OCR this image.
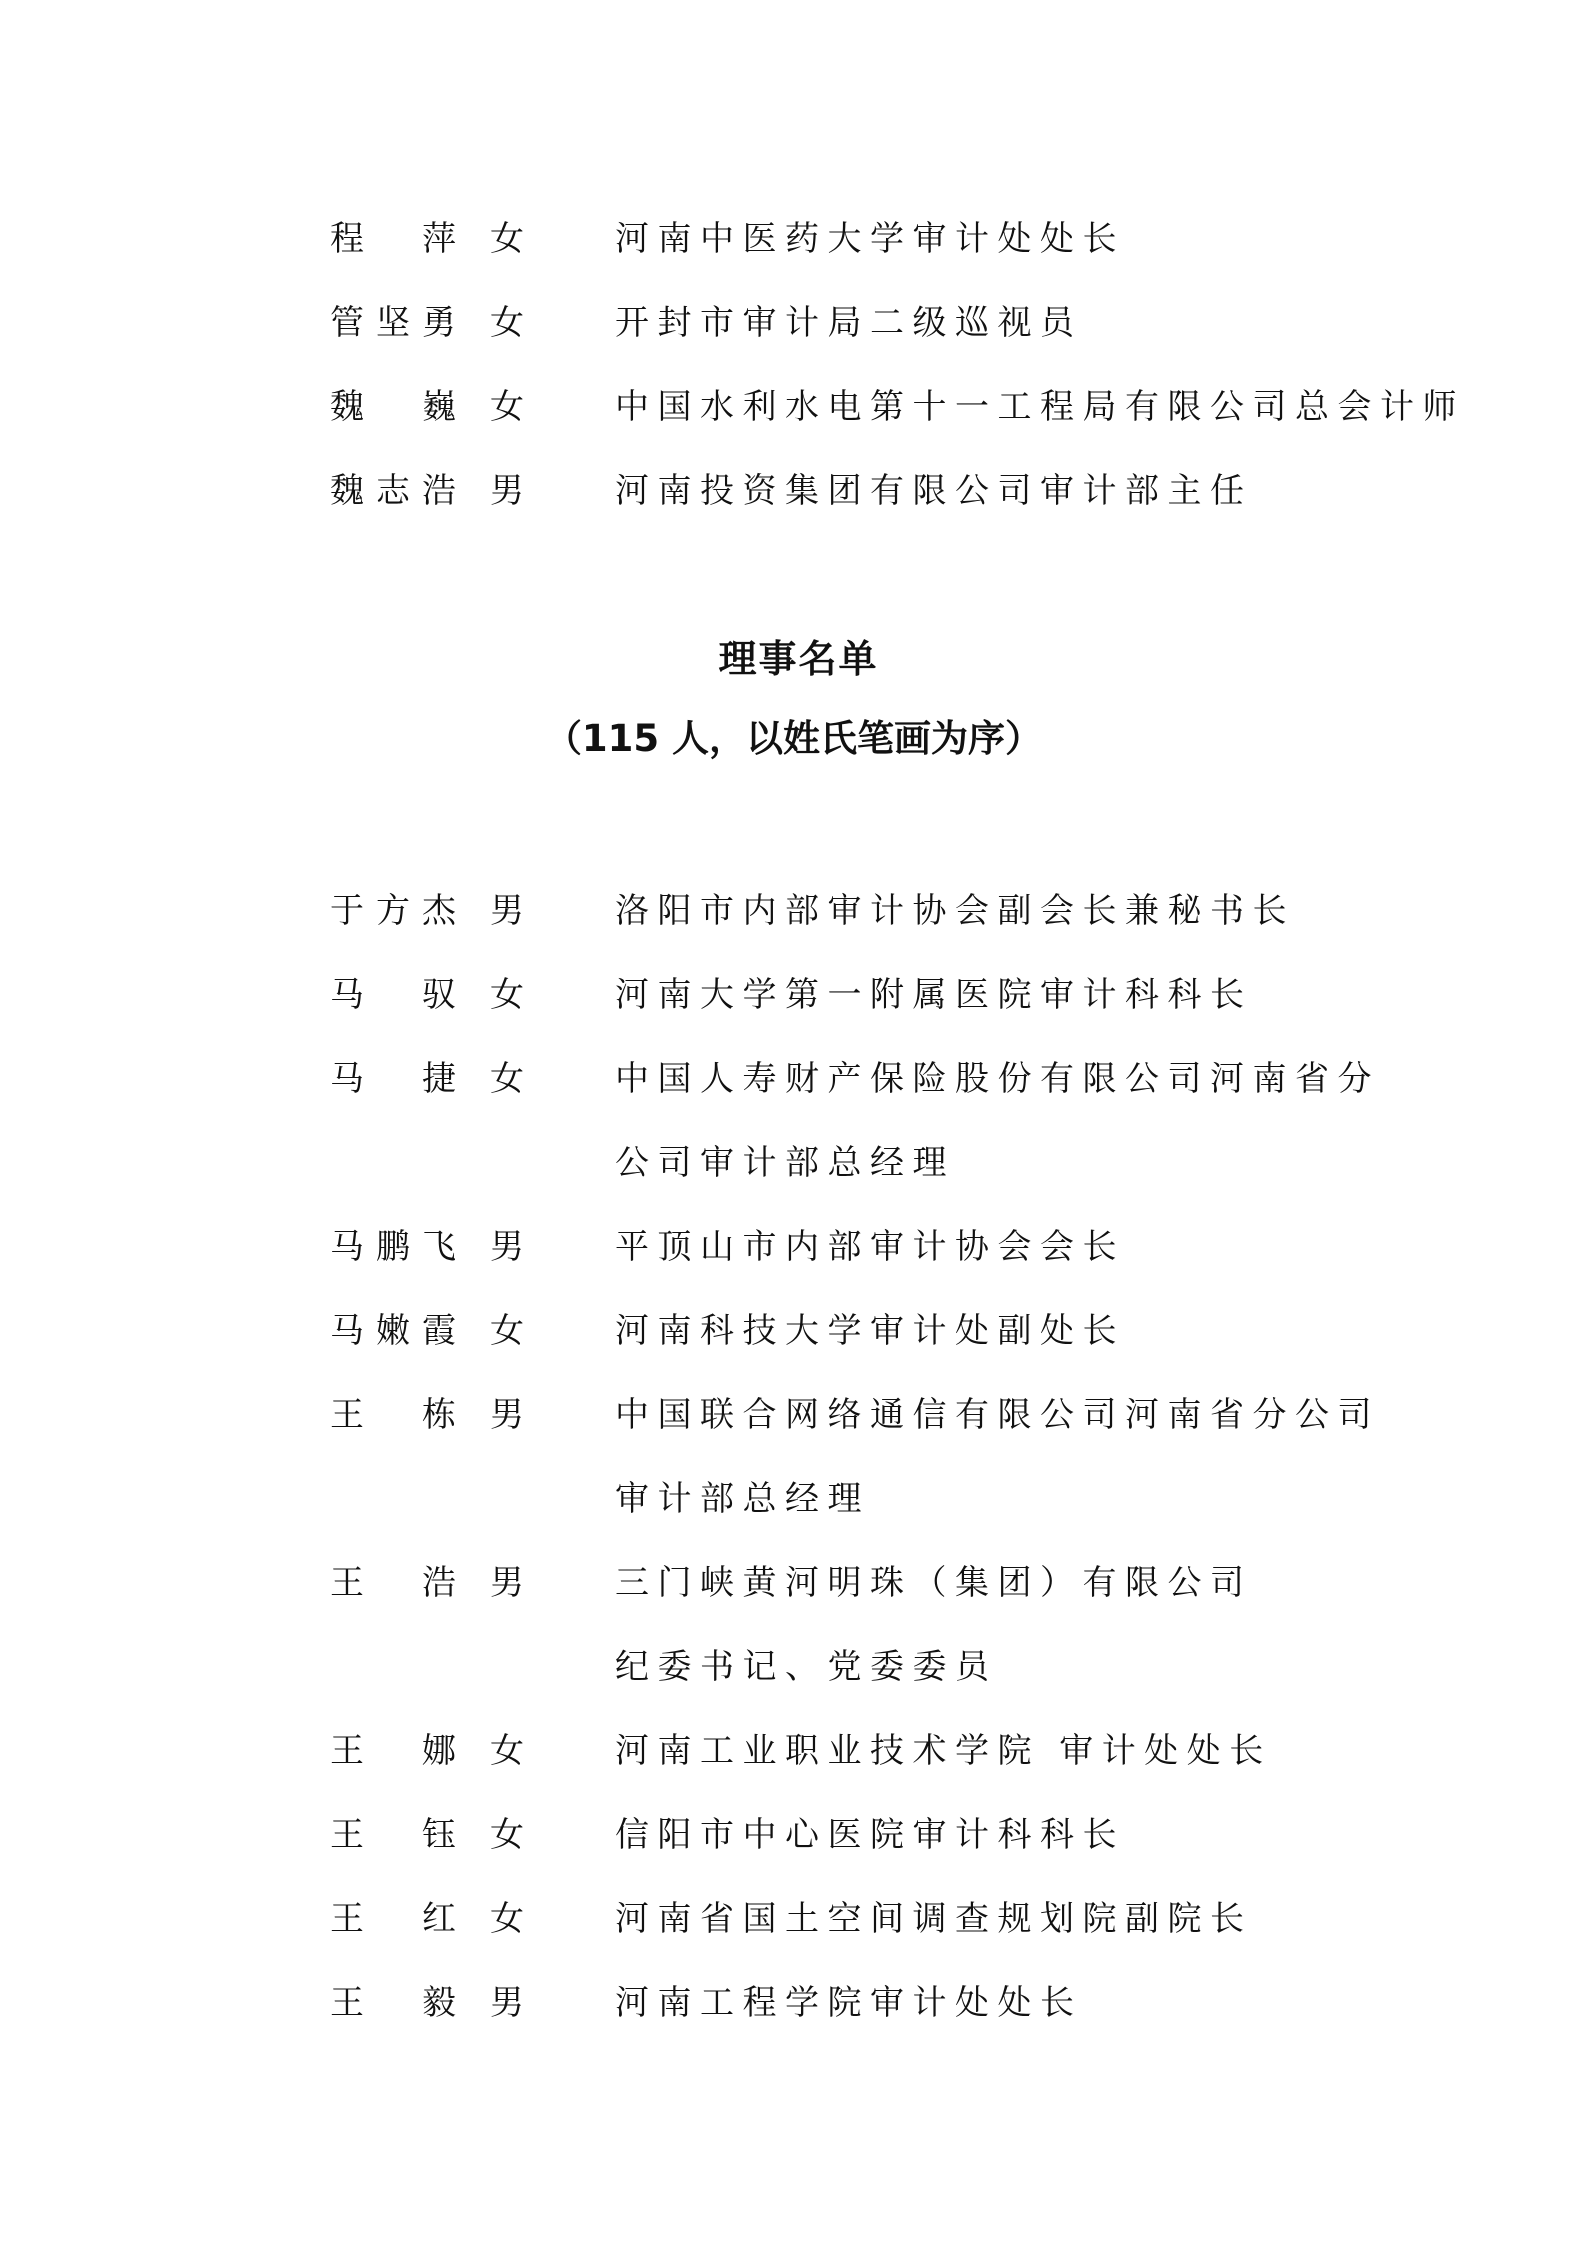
程萍 女	河南中医药大学审计处处长
管坚勇 女	开封市审计局二级巡视员
魏巍 女	中国水利水电第十一工程局有限公司总会计师
魏志浩 男	河南投资集团有限公司审计部主任
理事名单
（115 人，以姓氏笔画为序）
于方杰 男	洛阳市内部审计协会副会长兼秘书长
马驭 女	河南大学第一附属医院审计科科长
马捷 女	中国人寿财产保险股份有限公司河南省分
公司审计部总经理
马鹏飞 男	平顶山市内部审计协会会长
马嫩霞 女	河南科技大学审计处副处长
王栋 男	中国联合网络通信有限公司河南省分公司
审计部总经理
王浩 男	三门峡黄河明珠（集团）有限公司
纪委书记、党委委员
王娜 女	河南工业职业技术学院 审计处处长
王钰 女	信阳市中心医院审计科科长
王红 女	河南省国土空间调查规划院副院长
王毅 男	河南工程学院审计处处长
